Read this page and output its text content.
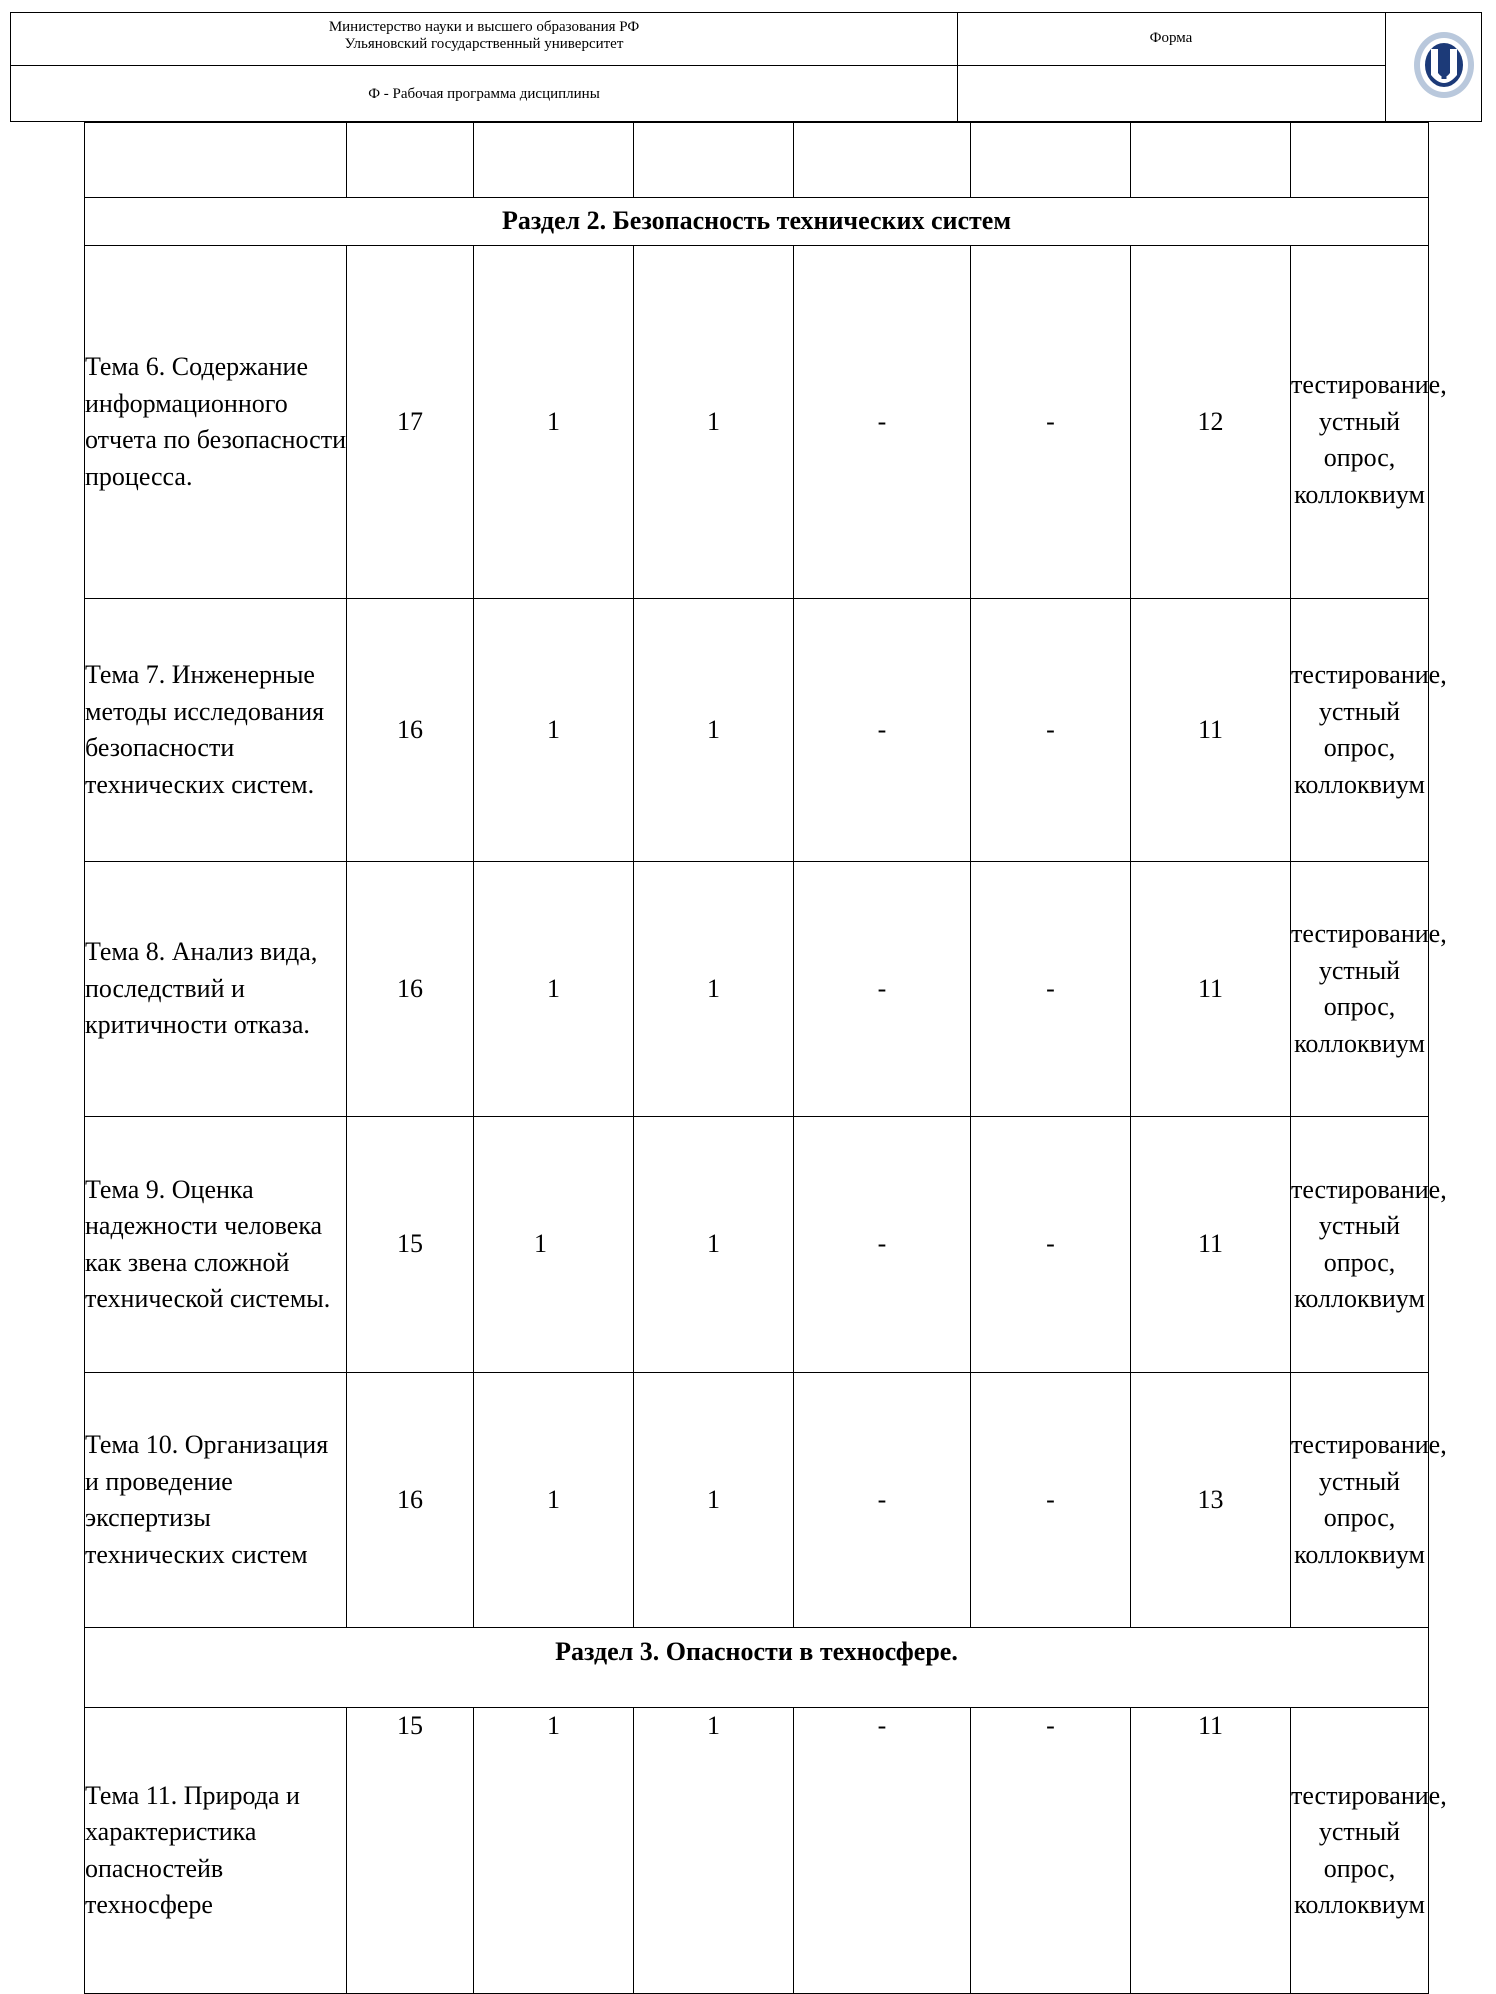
Министерство науки и высшего образования РФ
Ульяновский государственный университет	Форма
Ф - Рабочая программа дисциплины

Раздел 2. Безопасность технических систем							
Тема 6. Содержание информационного отчета по безопасности процесса.	17	1	1	-	-	12	тестирование, устный опрос, коллоквиум
Тема 7. Инженерные методы исследования безопасности технических систем.	16	1	1	-	-	11	тестирование, устный опрос, коллоквиум
Тема 8. Анализ вида, последствий и критичности отказа.	16	1	1	-	-	11	тестирование, устный опрос, коллоквиум
Тема 9. Оценка надежности человека как звена сложной технической системы.	15	1	1	-	-	11	тестирование, устный опрос, коллоквиум
Тема 10. Организация и проведение экспертизы технических систем	16	1	1	-	-	13	тестирование, устный опрос, коллоквиум
Раздел 3. Опасности в техносфере.							
Тема 11. Природа и характеристика опасностейв техносфере	15	1	1	-	-	11	тестирование, устный опрос, коллоквиум
